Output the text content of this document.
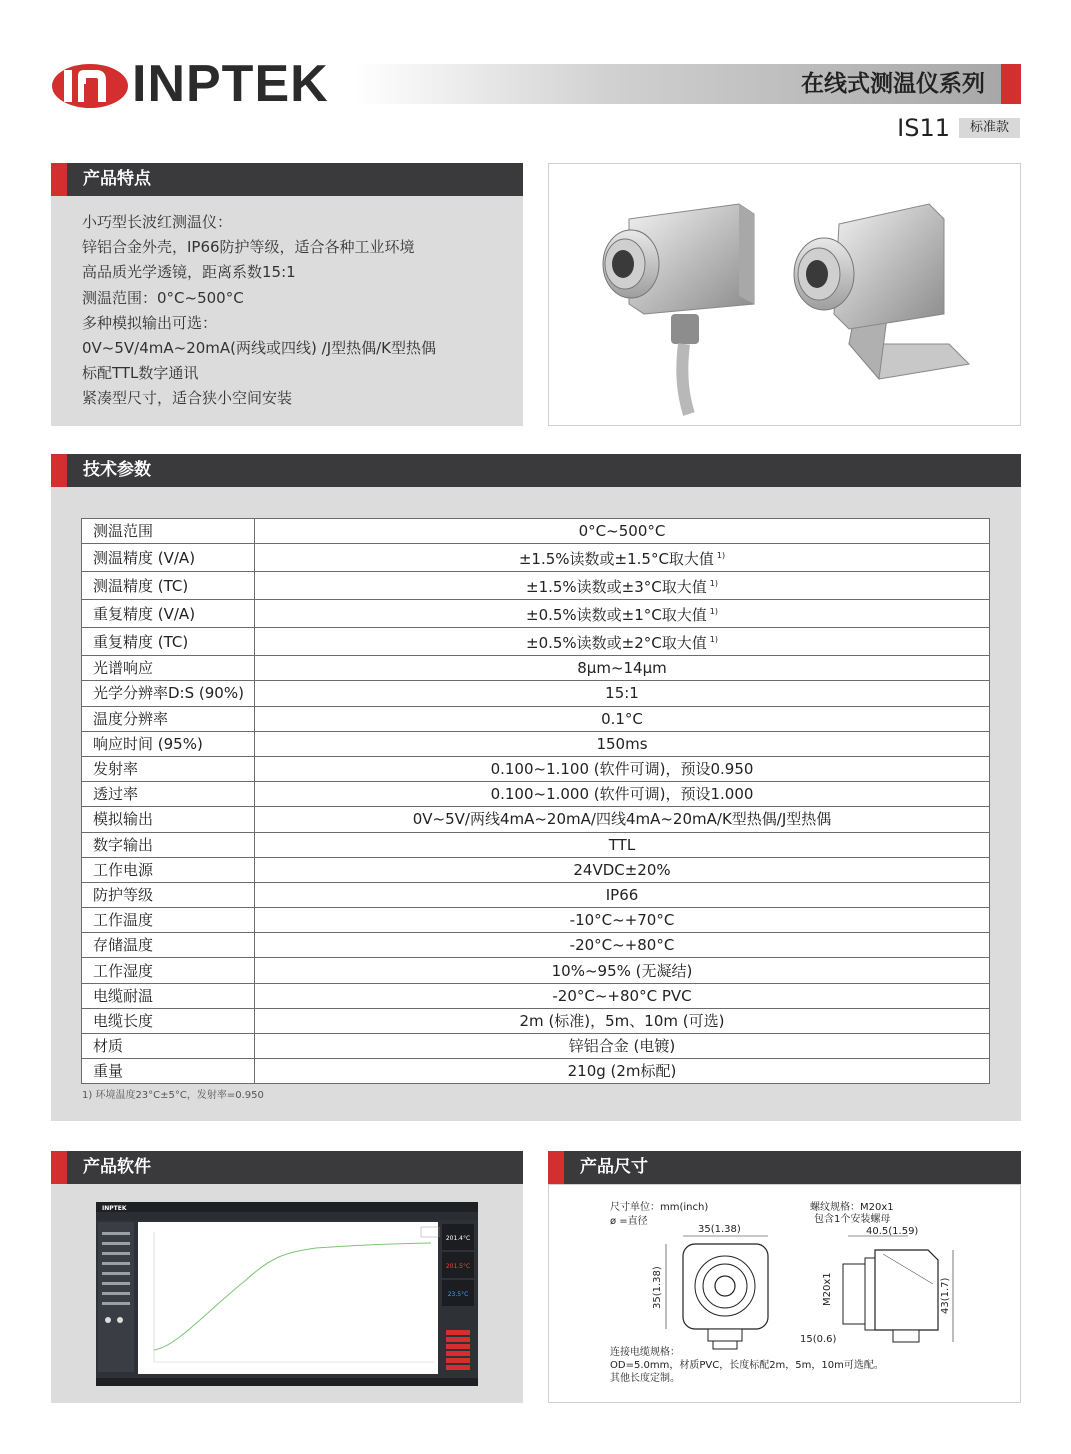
INPTEK	在线式测温仪系列
IS11	标准款
产品特点
小巧型长波红测温仪：
锌铝合金外壳，IP66防护等级，适合各种工业环境
高品质光学透镜，距离系数15:1
测温范围：0°C~500°C
多种模拟输出可选：
0V~5V/4mA~20mA(两线或四线) /J型热偶/K型热偶
标配TTL数字通讯
紧凑型尺寸，适合狭小空间安装
技术参数
测温范围	0°C~500°C
测温精度 (V/A)	±1.5%读数或±1.5°C取大值 $^{1)}$
测温精度 (TC)	±1.5%读数或±3°C取大值 $^{1)}$
重复精度 (V/A)	±0.5%读数或±1°C取大值 $^{1)}$
重复精度 (TC)	±0.5%读数或±2°C取大值 $^{1)}$
光谱响应	8μm~14μm
光学分辨率D:S (90%)	15:1
温度分辨率	0.1°C
响应时间 (95%)	150ms
发射率	0.100~1.100 (软件可调)，预设0.950
透过率	0.100~1.000 (软件可调)，预设1.000
模拟输出	0V~5V/两线4mA~20mA/四线4mA~20mA/K型热偶/J型热偶
数字输出	TTL
工作电源	24VDC±20%
防护等级	IP66
工作温度	-10°C~+70°C
存储温度	-20°C~+80°C
工作湿度	10%~95% (无凝结)
电缆耐温	-20°C~+80°C PVC
电缆长度	2m (标准)，5m、10m (可选)
材质	锌铝合金 (电镀)
重量	210g (2m标配)
1) 环境温度23°C±5°C，发射率=0.950
产品软件
INPTEK
201.4°C
201.5°C
23.5°C
产品尺寸
尺寸单位：mm(inch)
ø =直径
螺纹规格：M20x1
包含1个安装螺母
35(1.38)
35(1.38)
40.5(1.59)
M20x1	43(1.7)
15(0.6)
连接电缆规格：
OD=5.0mm，材质PVC，长度标配2m，5m，10m可选配。
其他长度定制。
